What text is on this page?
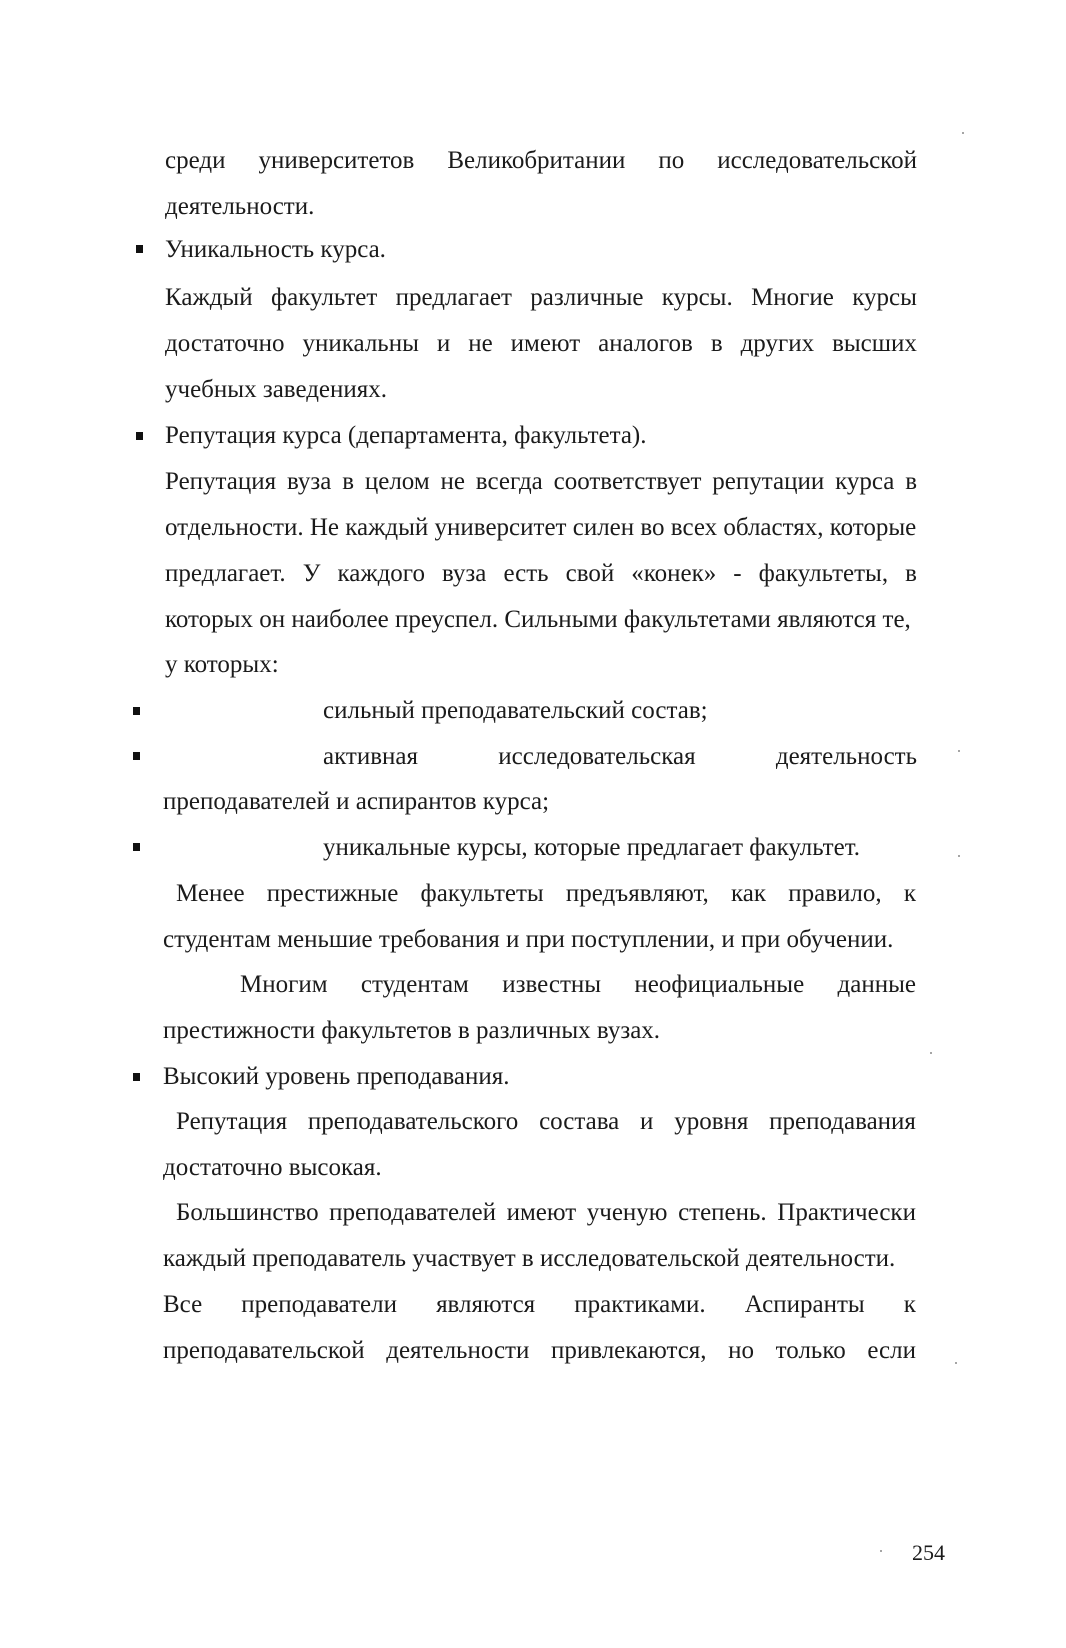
среди университетов Великобритании по исследовательской
деятельности.
Уникальность курса.
Каждый факультет предлагает различные курсы. Многие курсы
достаточно уникальны и не имеют аналогов в других высших
учебных заведениях.
Репутация курса (департамента, факультета).
Репутация вуза в целом не всегда соответствует репутации курса в
отдельности. Не каждый университет силен во всех областях, которые
предлагает. У каждого вуза есть свой «конек» - факультеты, в
которых он наиболее преуспел. Сильными факультетами являются те,
у которых:
сильный преподавательский состав;
активная	исследовательская	деятельность
преподавателей и аспирантов курса;
уникальные курсы, которые предлагает факультет.
Менее престижные факультеты предъявляют, как правило, к
студентам меньшие требования и при поступлении, и при обучении.
Многим студентам известны неофициальные данные
престижности факультетов в различных вузах.
Высокий уровень преподавания.
Репутация преподавательского состава и уровня преподавания
достаточно высокая.
Большинство преподавателей имеют ученую степень. Практически
каждый преподаватель участвует в исследовательской деятельности.
Все преподаватели являются практиками. Аспиранты к
преподавательской деятельности привлекаются, но только если
254
